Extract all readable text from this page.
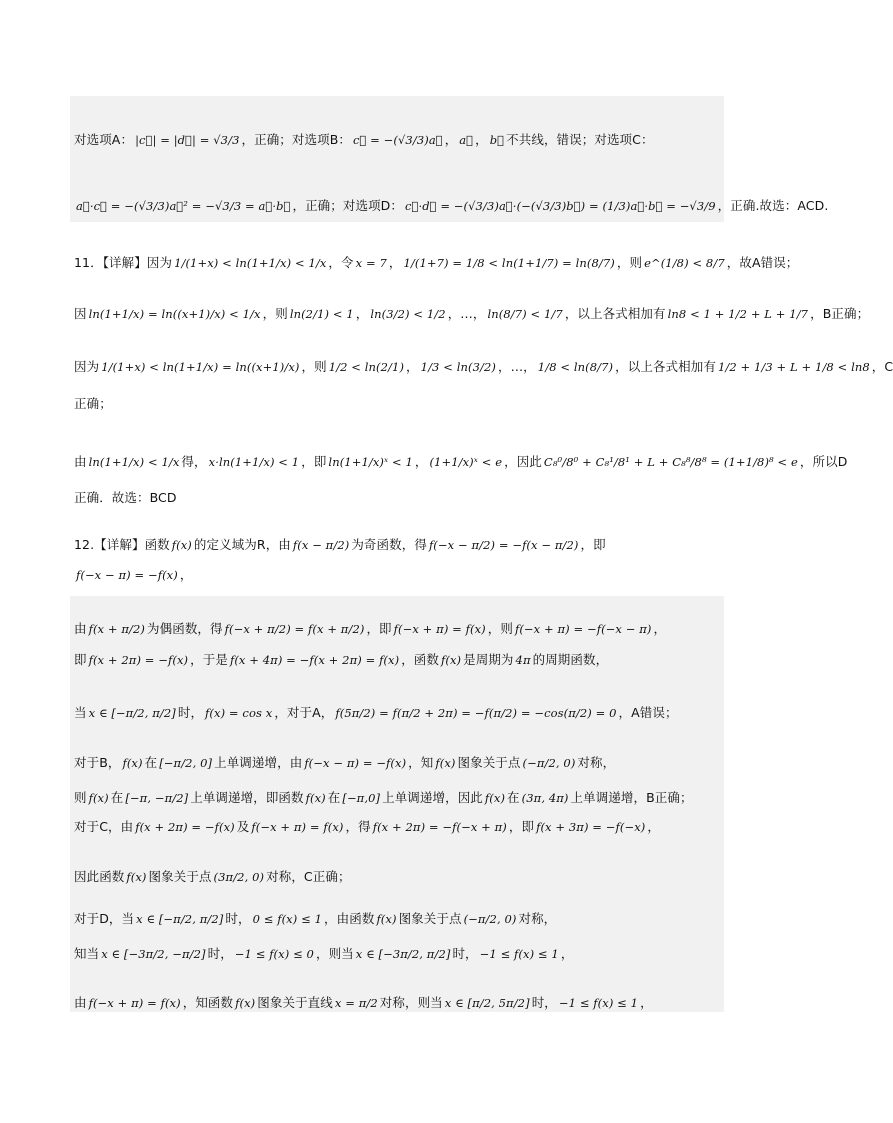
对选项A： |c⃗| = |d⃗| = √3/3 ，正确；对选项B： c⃗ = −(√3/3)a⃗ ， a⃗ ， b⃗ 不共线，错误；对选项C：
a⃗·c⃗ = −(√3/3)a⃗² = −√3/3 = a⃗·b⃗ ，正确；对选项D： c⃗·d⃗ = −(√3/3)a⃗·(−(√3/3)b⃗) = (1/3)a⃗·b⃗ = −√3/9 ，正确.故选：ACD.
11．【详解】因为 1/(1+x) < ln(1+1/x) < 1/x ，令 x = 7 ， 1/(1+7) = 1/8 < ln(1+1/7) = ln(8/7) ，则 e^(1/8) < 8/7 ，故A错误；
因 ln(1+1/x) = ln((x+1)/x) < 1/x ，则 ln(2/1) < 1 ， ln(3/2) < 1/2 ，…， ln(8/7) < 1/7 ，以上各式相加有 ln8 < 1 + 1/2 + L + 1/7 ，B正确；
因为 1/(1+x) < ln(1+1/x) = ln((x+1)/x) ，则 1/2 < ln(2/1) ， 1/3 < ln(3/2) ，…， 1/8 < ln(8/7) ，以上各式相加有 1/2 + 1/3 + L + 1/8 < ln8 ，C
正确；
由 ln(1+1/x) < 1/x 得， x·ln(1+1/x) < 1 ，即 ln(1+1/x)ˣ < 1 ， (1+1/x)ˣ < e ，因此 C₈⁰/8⁰ + C₈¹/8¹ + L + C₈⁸/8⁸ = (1+1/8)⁸ < e ，所以D
正确．故选：BCD
12.【详解】函数 f(x) 的定义域为R，由 f(x − π/2) 为奇函数，得 f(−x − π/2) = −f(x − π/2) ，即
f(−x − π) = −f(x) ，
由 f(x + π/2) 为偶函数，得 f(−x + π/2) = f(x + π/2) ，即 f(−x + π) = f(x) ，则 f(−x + π) = −f(−x − π) ，
即 f(x + 2π) = −f(x) ，于是 f(x + 4π) = −f(x + 2π) = f(x) ，函数 f(x) 是周期为 4π 的周期函数，
当 x ∈ [−π/2, π/2] 时， f(x) = cos x ，对于A， f(5π/2) = f(π/2 + 2π) = −f(π/2) = −cos(π/2) = 0 ，A错误；
对于B， f(x) 在 [−π/2, 0] 上单调递增，由 f(−x − π) = −f(x) ，知 f(x) 图象关于点 (−π/2, 0) 对称，
则 f(x) 在 [−π, −π/2] 上单调递增，即函数 f(x) 在 [−π,0] 上单调递增，因此 f(x) 在 (3π, 4π) 上单调递增，B正确；
对于C，由 f(x + 2π) = −f(x) 及 f(−x + π) = f(x) ，得 f(x + 2π) = −f(−x + π) ，即 f(x + 3π) = −f(−x) ，
因此函数 f(x) 图象关于点 (3π/2, 0) 对称，C正确；
对于D，当 x ∈ [−π/2, π/2] 时， 0 ≤ f(x) ≤ 1 ，由函数 f(x) 图象关于点 (−π/2, 0) 对称，
知当 x ∈ [−3π/2, −π/2] 时， −1 ≤ f(x) ≤ 0 ，则当 x ∈ [−3π/2, π/2] 时， −1 ≤ f(x) ≤ 1 ，
由 f(−x + π) = f(x) ，知函数 f(x) 图象关于直线 x = π/2 对称，则当 x ∈ [π/2, 5π/2] 时， −1 ≤ f(x) ≤ 1 ，
